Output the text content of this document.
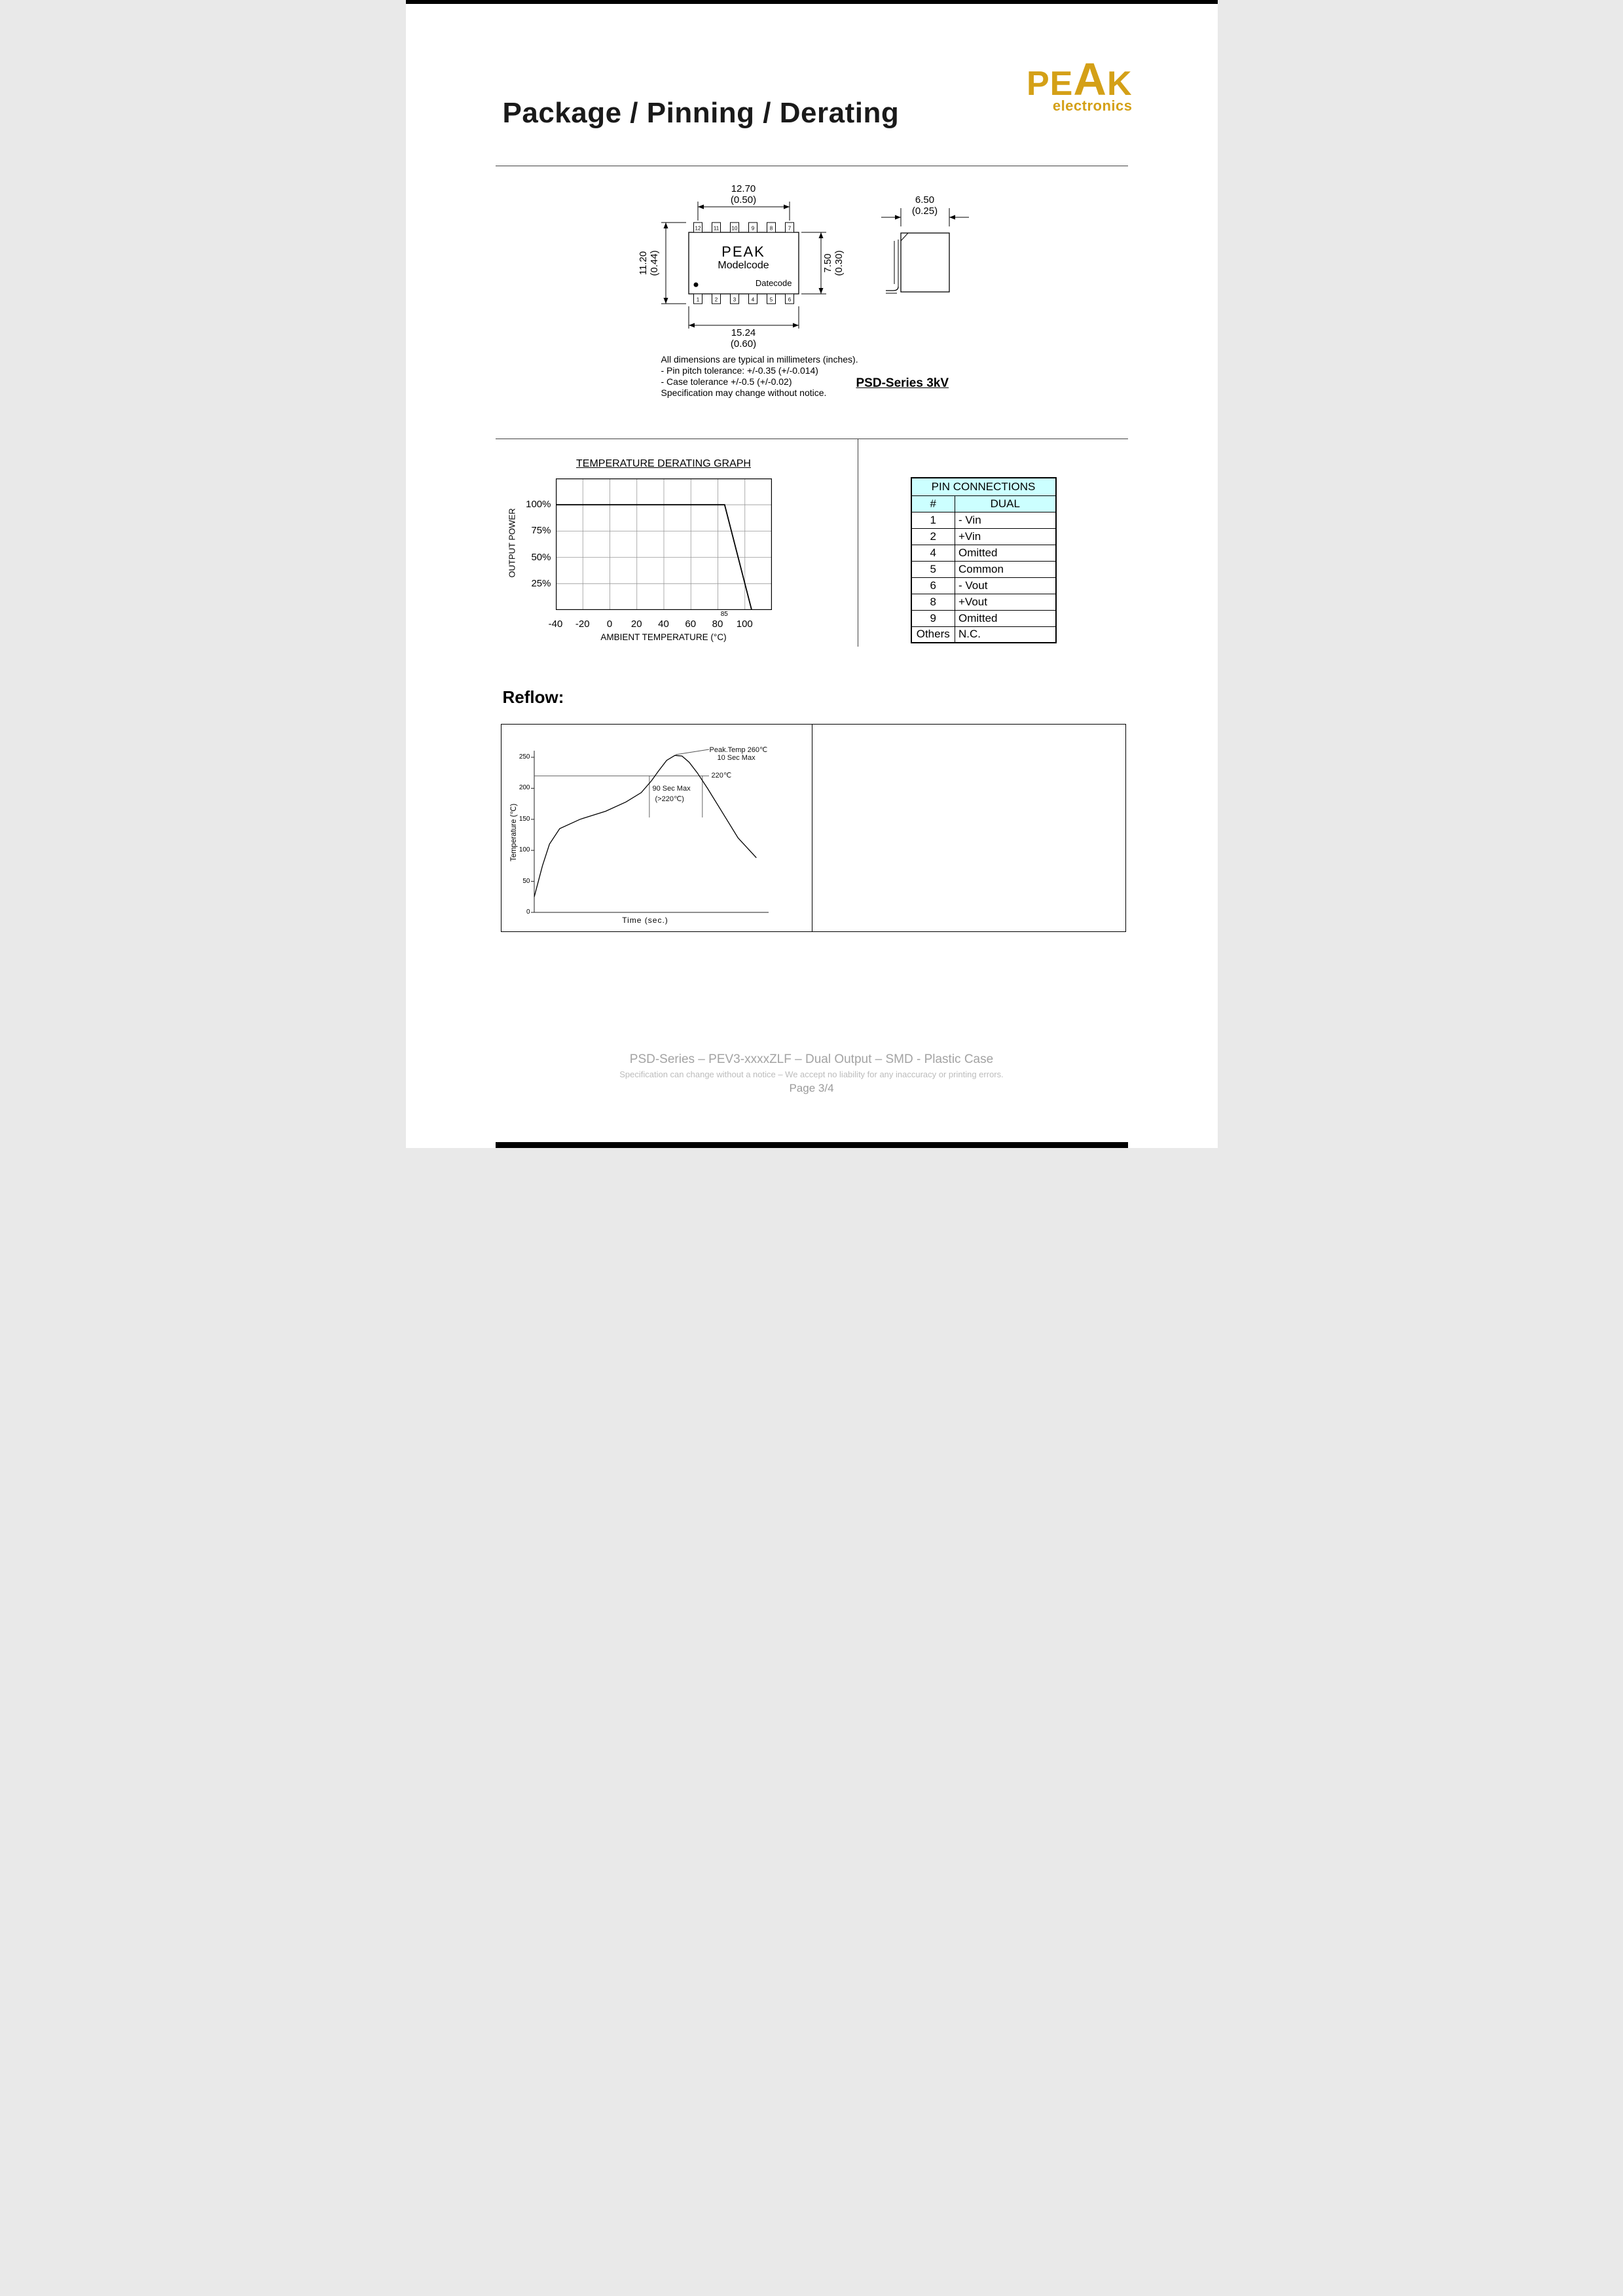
Package / Pinning / Derating
PEAK
electronics
12
1
11
2
10
3
9
4
8
5
7
6
12.70
(0.50)
15.24
(0.60)
11.20 (0.44)	7.50 (0.30)
6.50
(0.25)
PEAK
Modelcode
Datecode
All dimensions are typical in millimeters (inches).
- Pin pitch tolerance: +/-0.35 (+/-0.014)
- Case tolerance +/-0.5 (+/-0.02)
Specification may change without notice.
PSD-Series 3kV
TEMPERATURE DERATING GRAPH
OUTPUT POWER
AMBIENT TEMPERATURE (°C)
PIN CONNECTIONS	
#	DUAL
1	- Vin
2	+Vin
4	Omitted
5	Common
6	- Vout
8	+Vout
9	Omitted
Others	N.C.
Reflow:
Peak.Temp 260℃
10 Sec Max
220℃
90 Sec Max
(>220℃)
Temperature (℃)
Time (sec.)
0
50
100
150
200
250
PSD-Series – PEV3-xxxxZLF – Dual Output – SMD - Plastic Case
Specification can change without a notice – We accept no liability for any inaccuracy or printing errors.
Page 3/4
100%
75%
50%
25%
-40	-20	0	20	40	60	80	100
85
